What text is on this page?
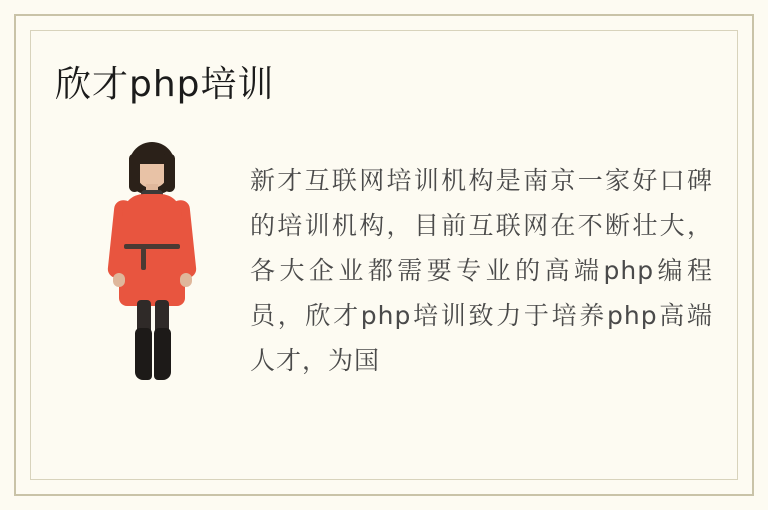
欣才php培训
新才互联网培训机构是南京一家好口碑的培训机构，目前互联网在不断壮大，各大企业都需要专业的高端php编程员，欣才php培训致力于培养php高端人才，为国
